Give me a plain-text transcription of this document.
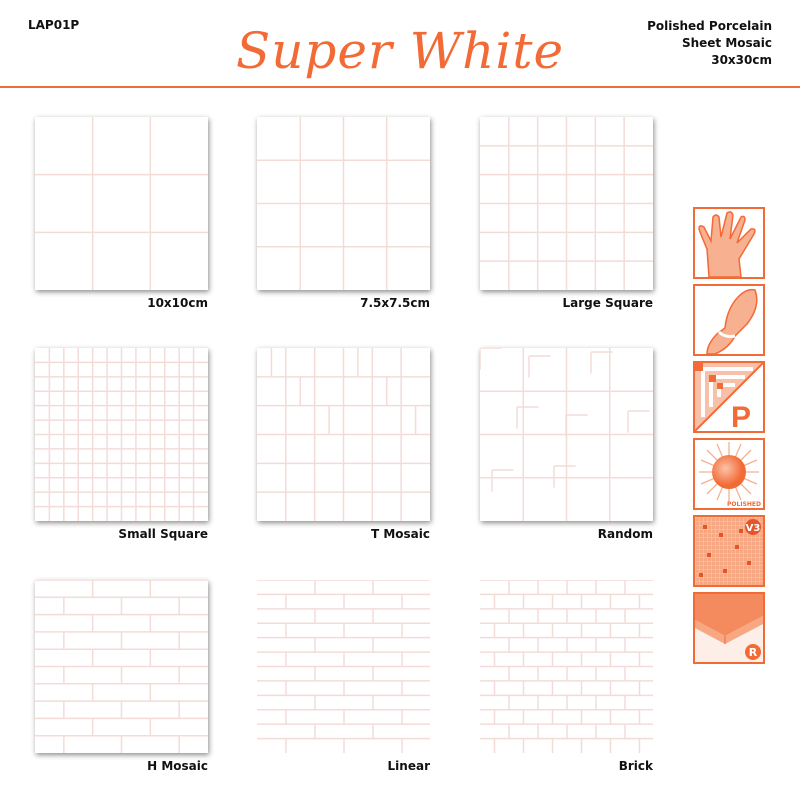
LAP01P	Super White	Polished Porcelain
Sheet Mosaic
30x30cm
10x10cm	7.5x7.5cm	Large Square
Small Square	T Mosaic	Random
H Mosaic	Linear	Brick
P
POLISHED
V3
R
